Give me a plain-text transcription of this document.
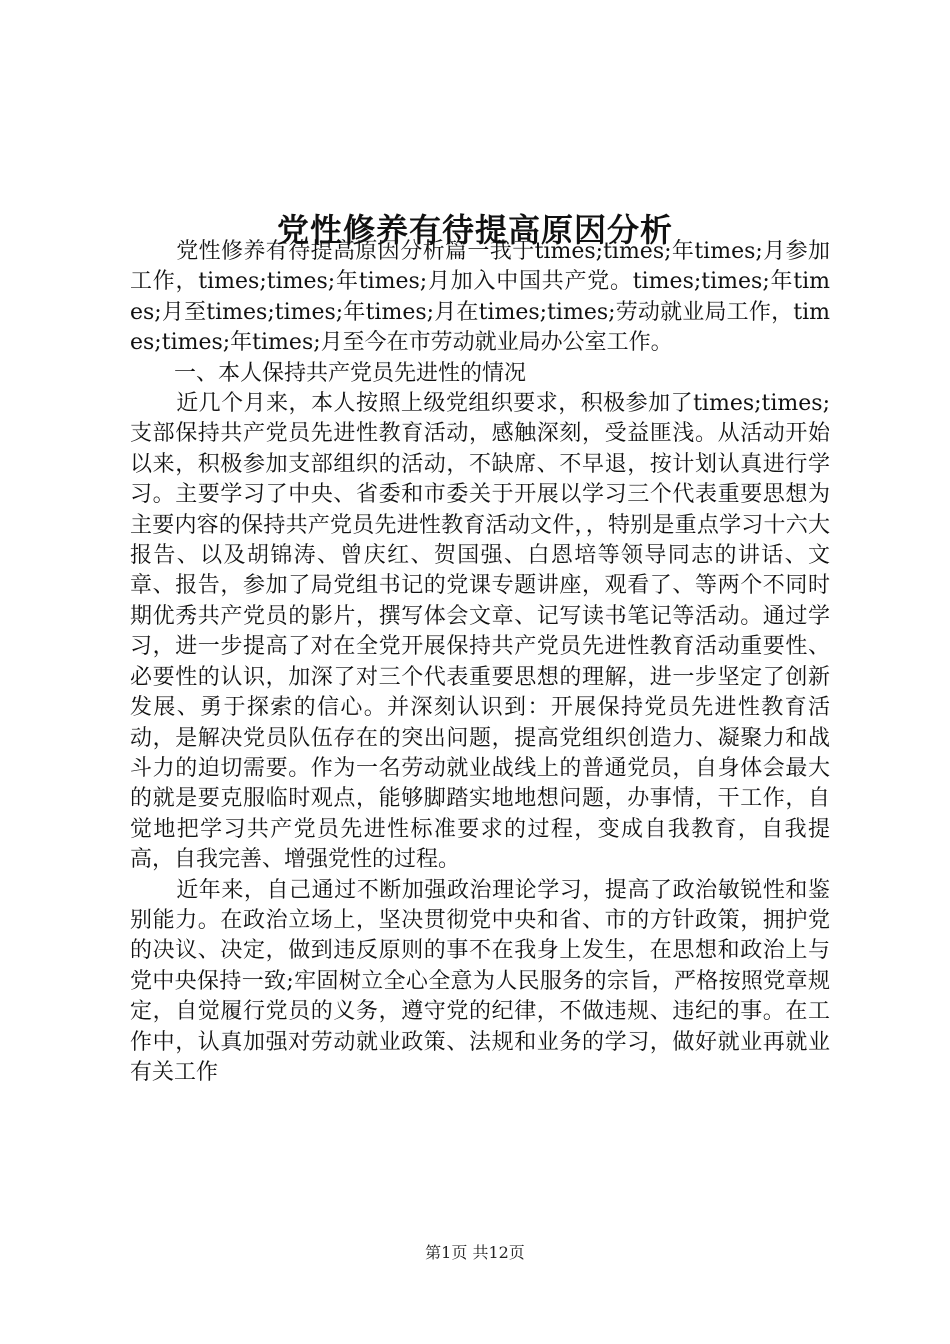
党性修养有待提高原因分析

党性修养有待提高原因分析篇一我于times;times;年times;月参加工作，times;times;年times;月加入中国共产党。times;times;年times;月至times;times;年times;月在times;times;劳动就业局工作，times;times;年times;月至今在市劳动就业局办公室工作。

一、本人保持共产党员先进性的情况

近几个月来，本人按照上级党组织要求，积极参加了times;times;支部保持共产党员先进性教育活动，感触深刻，受益匪浅。从活动开始以来，积极参加支部组织的活动，不缺席、不早退，按计划认真进行学习。主要学习了中央、省委和市委关于开展以学习三个代表重要思想为主要内容的保持共产党员先进性教育活动文件，，特别是重点学习十六大报告、以及胡锦涛、曾庆红、贺国强、白恩培等领导同志的讲话、文章、报告，参加了局党组书记的党课专题讲座，观看了、等两个不同时期优秀共产党员的影片，撰写体会文章、记写读书笔记等活动。通过学习，进一步提高了对在全党开展保持共产党员先进性教育活动重要性、必要性的认识，加深了对三个代表重要思想的理解，进一步坚定了创新发展、勇于探索的信心。并深刻认识到：开展保持党员先进性教育活动，是解决党员队伍存在的突出问题，提高党组织创造力、凝聚力和战斗力的迫切需要。作为一名劳动就业战线上的普通党员，自身体会最大的就是要克服临时观点，能够脚踏实地地想问题，办事情，干工作，自觉地把学习共产党员先进性标准要求的过程，变成自我教育，自我提高，自我完善、增强党性的过程。

近年来，自己通过不断加强政治理论学习，提高了政治敏锐性和鉴别能力。在政治立场上，坚决贯彻党中央和省、市的方针政策，拥护党的决议、决定，做到违反原则的事不在我身上发生，在思想和政治上与党中央保持一致;牢固树立全心全意为人民服务的宗旨，严格按照党章规定，自觉履行党员的义务，遵守党的纪律，不做违规、违纪的事。在工作中，认真加强对劳动就业政策、法规和业务的学习，做好就业再就业有关工作

第1页 共12页
